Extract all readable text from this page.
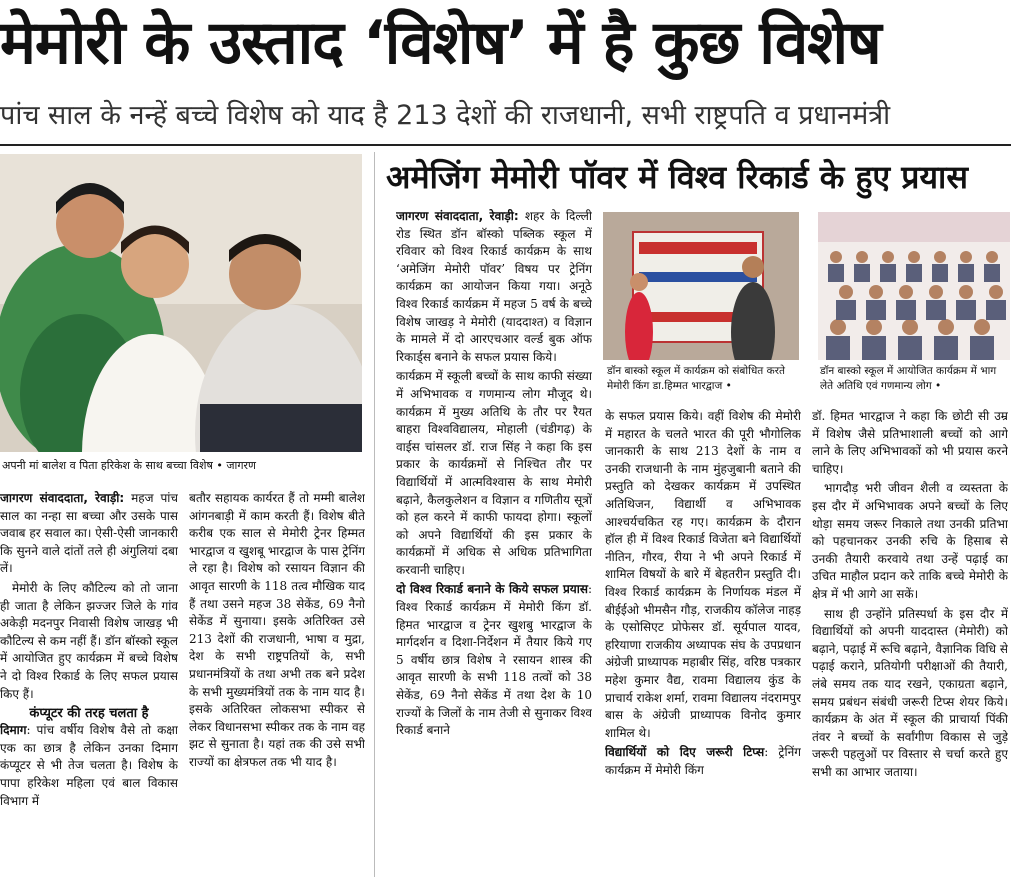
मेमोरी के उस्ताद ‘विशेष’ में है कुछ विशेष
पांच साल के नन्हें बच्चे विशेष को याद है 213 देशों की राजधानी, सभी राष्ट्रपति व प्रधानमंत्री
अमेजिंग मेमोरी पॉवर में विश्व रिकार्ड के हुए प्रयास
अपनी मां बालेश व पिता हरिकेश के साथ बच्चा विशेष • जागरण
डॉन बास्को स्कूल में कार्यक्रम को संबोधित करते मेमोरी किंग डा.हिम्मत भारद्वाज •
डॉन बास्को स्कूल में आयोजित कार्यक्रम में भाग लेते अतिथि एवं गणमान्य लोग •

जागरण संवाददाता, रेवाड़ी: महज पांच साल का नन्हा सा बच्चा और उसके पास जवाब हर सवाल का। ऐसी-ऐसी जानकारी कि सुनने वाले दांतों तले ही अंगुलियां दबा लें।

मेमोरी के लिए कौटिल्य को तो जाना ही जाता है लेकिन झज्जर जिले के गांव अकेड़ी मदनपुर निवासी विशेष जाखड़ भी कौटिल्य से कम नहीं हैं। डॉन बॉस्को स्कूल में आयोजित हुए कार्यक्रम में बच्चे विशेष ने दो विश्व रिकार्ड के लिए सफल प्रयास किए हैं।

कंप्यूटर की तरह चलता है

दिमाग: पांच वर्षीय विशेष वैसे तो कक्षा एक का छात्र है लेकिन उनका दिमाग कंप्यूटर से भी तेज चलता है। विशेष के पापा हरिकेश महिला एवं बाल विकास विभाग में

बतौर सहायक कार्यरत हैं तो मम्मी बालेश आंगनबाड़ी में काम करती हैं। विशेष बीते करीब एक साल से मेमोरी ट्रेनर हिम्मत भारद्वाज व खुशबू भारद्वाज के पास ट्रेनिंग ले रहा है। विशेष को रसायन विज्ञान की आवृत सारणी के 118 तत्व मौखिक याद हैं तथा उसने महज 38 सेकेंड, 69 नैनो सेकेंड में सुनाया। इसके अतिरिक्त उसे 213 देशों की राजधानी, भाषा व मुद्रा, देश के सभी राष्ट्रपतियों के, सभी प्रधानमंत्रियों के तथा अभी तक बने प्रदेश के सभी मुख्यमंत्रियों तक के नाम याद है। इसके अतिरिक्त लोकसभा स्पीकर से लेकर विधानसभा स्पीकर तक के नाम वह झट से सुनाता है। यहां तक की उसे सभी राज्यों का क्षेत्रफल तक भी याद है।

जागरण संवाददाता, रेवाड़ी: शहर के दिल्ली रोड स्थित डॉन बॉस्को पब्लिक स्कूल में रविवार को विश्व रिकार्ड कार्यक्रम के साथ ‘अमेजिंग मेमोरी पॉवर’ विषय पर ट्रेनिंग कार्यक्रम का आयोजन किया गया। अनूठे विश्व रिकार्ड कार्यक्रम में महज 5 वर्ष के बच्चे विशेष जाखड़ ने मेमोरी (याददाश्त) व विज्ञान के मामले में दो आरएचआर वर्ल्ड बुक ऑफ रिकार्ड्स बनाने के सफल प्रयास किये।

कार्यक्रम में स्कूली बच्चों के साथ काफी संख्या में अभिभावक व गणमान्य लोग मौजूद थे। कार्यक्रम में मुख्य अतिथि के तौर पर रैयत बाहरा विश्वविद्यालय, मोहाली (चंडीगढ़) के वाईस चांसलर डॉ. राज सिंह ने कहा कि इस प्रकार के कार्यक्रमों से निश्चित तौर पर विद्यार्थियों में आत्मविश्वास के साथ मेमोरी बढ़ाने, कैलकुलेशन व विज्ञान व गणितीय सूत्रों को हल करने में काफी फायदा होगा। स्कूलों को अपने विद्यार्थियों की इस प्रकार के कार्यक्रमों में अधिक से अधिक प्रतिभागिता करवानी चाहिए।

दो विश्व रिकार्ड बनाने के किये सफल प्रयास: विश्व रिकार्ड कार्यक्रम में मेमोरी किंग डॉ. हिमत भारद्वाज व ट्रेनर खुशबु भारद्वाज के मार्गदर्शन व दिशा-निर्देशन में तैयार किये गए 5 वर्षीय छात्र विशेष ने रसायन शास्त्र की आवृत सारणी के सभी 118 तत्वों को 38 सेकेंड, 69 नैनो सेकेंड में तथा देश के 10 राज्यों के जिलों के नाम तेजी से सुनाकर विश्व रिकार्ड बनाने

के सफल प्रयास किये। वहीं विशेष की मेमोरी में महारत के चलते भारत की पूरी भौगोलिक जानकारी के साथ 213 देशों के नाम व उनकी राजधानी के नाम मुंहजुबानी बताने की प्रस्तुति को देखकर कार्यक्रम में उपस्थित अतिथिजन, विद्यार्थी व अभिभावक आश्चर्यचकित रह गए। कार्यक्रम के दौरान हॉल ही में विश्व रिकार्ड विजेता बने विद्यार्थियों नीतिन, गौरव, रीया ने भी अपने रिकार्ड में शामिल विषयों के बारे में बेहतरीन प्रस्तुति दी। विश्व रिकार्ड कार्यक्रम के निर्णायक मंडल में बीईईओ भीमसैन गौड़, राजकीय कॉलेज नाहड़ के एसोसिएट प्रोफेसर डॉ. सूर्यपाल यादव, हरियाणा राजकीय अध्यापक संघ के उपप्रधान अंग्रेजी प्राध्यापक महाबीर सिंह, वरिष्ठ पत्रकार महेश कुमार वैद्य, रावमा विद्यालय कुंड के प्राचार्य राकेश शर्मा, रावमा विद्यालय नंदरामपुर बास के अंग्रेजी प्राध्यापक विनोद कुमार शामिल थे।

विद्यार्थियों को दिए जरूरी टिप्स: ट्रेनिंग कार्यक्रम में मेमोरी किंग

डॉ. हिमत भारद्वाज ने कहा कि छोटी सी उम्र में विशेष जैसे प्रतिभाशाली बच्चों को आगे लाने के लिए अभिभावकों को भी प्रयास करने चाहिए।

भागदौड़ भरी जीवन शैली व व्यस्तता के इस दौर में अभिभावक अपने बच्चों के लिए थोड़ा समय जरूर निकाले तथा उनकी प्रतिभा को पहचानकर उनकी रुचि के हिसाब से उनकी तैयारी करवाये तथा उन्हें पढ़ाई का उचित माहौल प्रदान करे ताकि बच्चे मेमोरी के क्षेत्र में भी आगे आ सकें।

साथ ही उन्होंने प्रतिस्पर्धा के इस दौर में विद्यार्थियों को अपनी याददास्त (मेमोरी) को बढ़ाने, पढ़ाई में रूचि बढ़ाने, वैज्ञानिक विधि से पढ़ाई कराने, प्रतियोगी परीक्षाओं की तैयारी, लंबे समय तक याद रखने, एकाग्रता बढ़ाने, समय प्रबंधन संबंधी जरूरी टिप्स शेयर किये। कार्यक्रम के अंत में स्कूल की प्राचार्या पिंकी तंवर ने बच्चों के सर्वांगीण विकास से जुड़े जरूरी पहलुओं पर विस्तार से चर्चा करते हुए सभी का आभार जताया।
